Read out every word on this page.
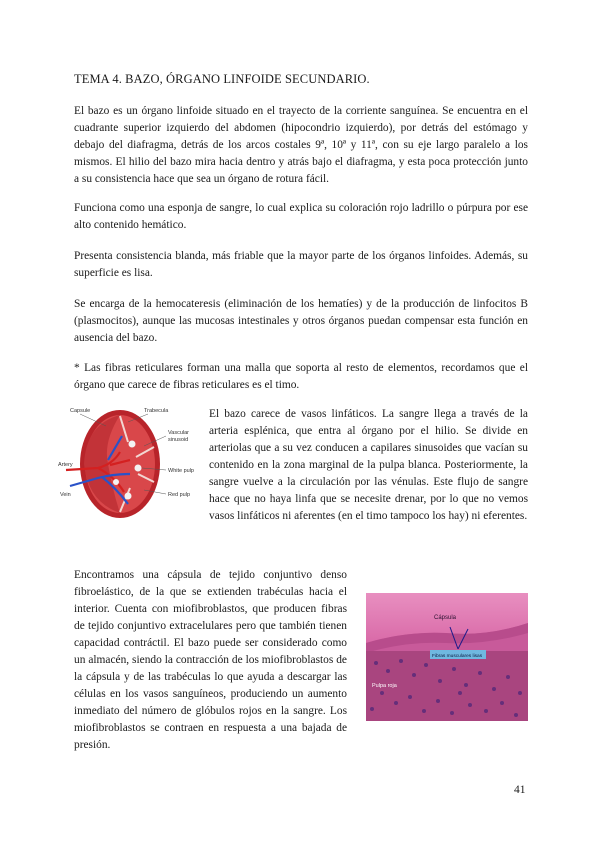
TEMA 4. BAZO, ÓRGANO LINFOIDE SECUNDARIO.

El bazo es un órgano linfoide situado en el trayecto de la corriente sanguínea. Se encuentra en el cuadrante superior izquierdo del abdomen (hipocondrio izquierdo), por detrás del estómago y debajo del diafragma, detrás de los arcos costales 9ª, 10ª y 11ª, con su eje largo paralelo a los mismos. El hilio del bazo mira hacia dentro y atrás bajo el diafragma, y esta poca protección junto a su consistencia hace que sea un órgano de rotura fácil.

Funciona como una esponja de sangre, lo cual explica su coloración rojo ladrillo o púrpura por ese alto contenido hemático.

Presenta consistencia blanda, más friable que la mayor parte de los órganos linfoides. Además, su superficie es lisa.

Se encarga de la hemocateresis (eliminación de los hematíes) y de la producción de linfocitos B (plasmocitos), aunque las mucosas intestinales y otros órganos puedan compensar esta función en ausencia del bazo.

* Las fibras reticulares forman una malla que soporta al resto de elementos, recordamos que el órgano que carece de fibras reticulares es el timo.

Capsule	Trabecula
Vascular
sinusoid
Artery
White pulp
Vein	Red pulp

El bazo carece de vasos linfáticos. La sangre llega a través de la arteria esplénica, que entra al órgano por el hilio. Se divide en arteriolas que a su vez conducen a capilares sinusoides que vacían su contenido en la zona marginal de la pulpa blanca. Posteriormente, la sangre vuelve a la circulación por las vénulas. Este flujo de sangre hace que no haya linfa que se necesite drenar, por lo que no vemos vasos linfáticos ni aferentes (en el timo tampoco los hay) ni eferentes.

Encontramos una cápsula de tejido conjuntivo denso fibroelástico, de la que se extienden trabéculas hacia el interior. Cuenta con miofibroblastos, que producen fibras de tejido conjuntivo extracelulares pero que también tienen capacidad contráctil. El bazo puede ser considerado como un almacén, siendo la contracción de los miofibroblastos de la cápsula y de las trabéculas lo que ayuda a descargar las células en los vasos sanguíneos, produciendo un aumento inmediato del número de glóbulos rojos en la sangre. Los miofibroblastos se contraen en respuesta a una bajada de presión.

Fibras musculares lisas
Cápsula
Pulpa roja
41
